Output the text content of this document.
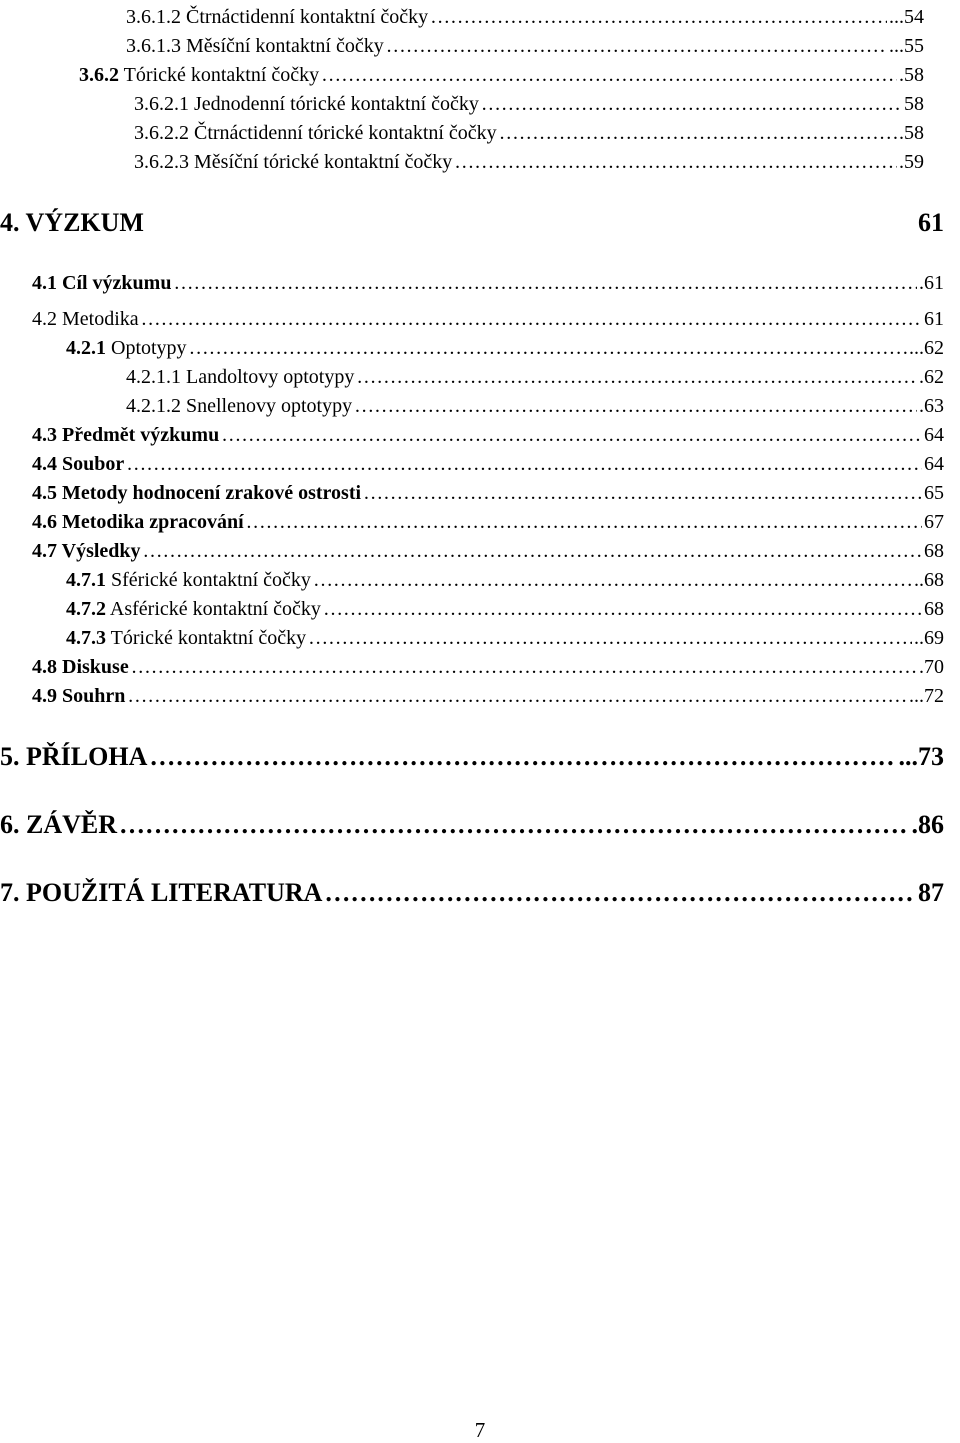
3.6.1.2 Čtrnáctidenní kontaktní čočky …………………………………………………………………………………………………………………………………………………………………………………………………………	...54
3.6.1.3 Měsíční kontaktní čočky …………………………………………………………………………………………………………………………………………………………………………………………………………	...55
3.6.2 Tórické kontaktní čočky …………………………………………………………………………………………………………………………………………………………………………………………………………	.58
3.6.2.1 Jednodenní tórické kontaktní čočky …………………………………………………………………………………………………………………………………………………………………………………………………………	58
3.6.2.2 Čtrnáctidenní tórické kontaktní čočky …………………………………………………………………………………………………………………………………………………………………………………………………………	.58
3.6.2.3 Měsíční tórické kontaktní čočky …………………………………………………………………………………………………………………………………………………………………………………………………………	.59
4. VÝZKUM	61
4.1 Cíl výzkumu …………………………………………………………………………………………………………………………………………………………………………………………………………	.61
4.2 Metodika …………………………………………………………………………………………………………………………………………………………………………………………………………	61
4.2.1 Optotypy …………………………………………………………………………………………………………………………………………………………………………………………………………	...62
4.2.1.1 Landoltovy optotypy …………………………………………………………………………………………………………………………………………………………………………………………………………	.62
4.2.1.2 Snellenovy optotypy …………………………………………………………………………………………………………………………………………………………………………………………………………	.63
4.3 Předmět výzkumu …………………………………………………………………………………………………………………………………………………………………………………………………………	64
4.4 Soubor …………………………………………………………………………………………………………………………………………………………………………………………………………	64
4.5 Metody hodnocení zrakové ostrosti …………………………………………………………………………………………………………………………………………………………………………………………………………	65
4.6 Metodika zpracování …………………………………………………………………………………………………………………………………………………………………………………………………………	67
4.7 Výsledky …………………………………………………………………………………………………………………………………………………………………………………………………………	68
4.7.1 Sférické kontaktní čočky …………………………………………………………………………………………………………………………………………………………………………………………………………	..68
4.7.2 Asférické kontaktní čočky …………………………………………………………………………………………………………………………………………………………………………………………………………	68
4.7.3 Tórické kontaktní čočky …………………………………………………………………………………………………………………………………………………………………………………………………………	..69
4.8 Diskuse …………………………………………………………………………………………………………………………………………………………………………………………………………	.70
4.9 Souhrn …………………………………………………………………………………………………………………………………………………………………………………………………………	...72
5. PŘÍLOHA …………………………………………………………………………………………………………………………………………………………………………………………………………	...73
6. ZÁVĚR …………………………………………………………………………………………………………………………………………………………………………………………………………	.86
7. POUŽITÁ LITERATURA …………………………………………………………………………………………………………………………………………………………………………………………………………	87
7
